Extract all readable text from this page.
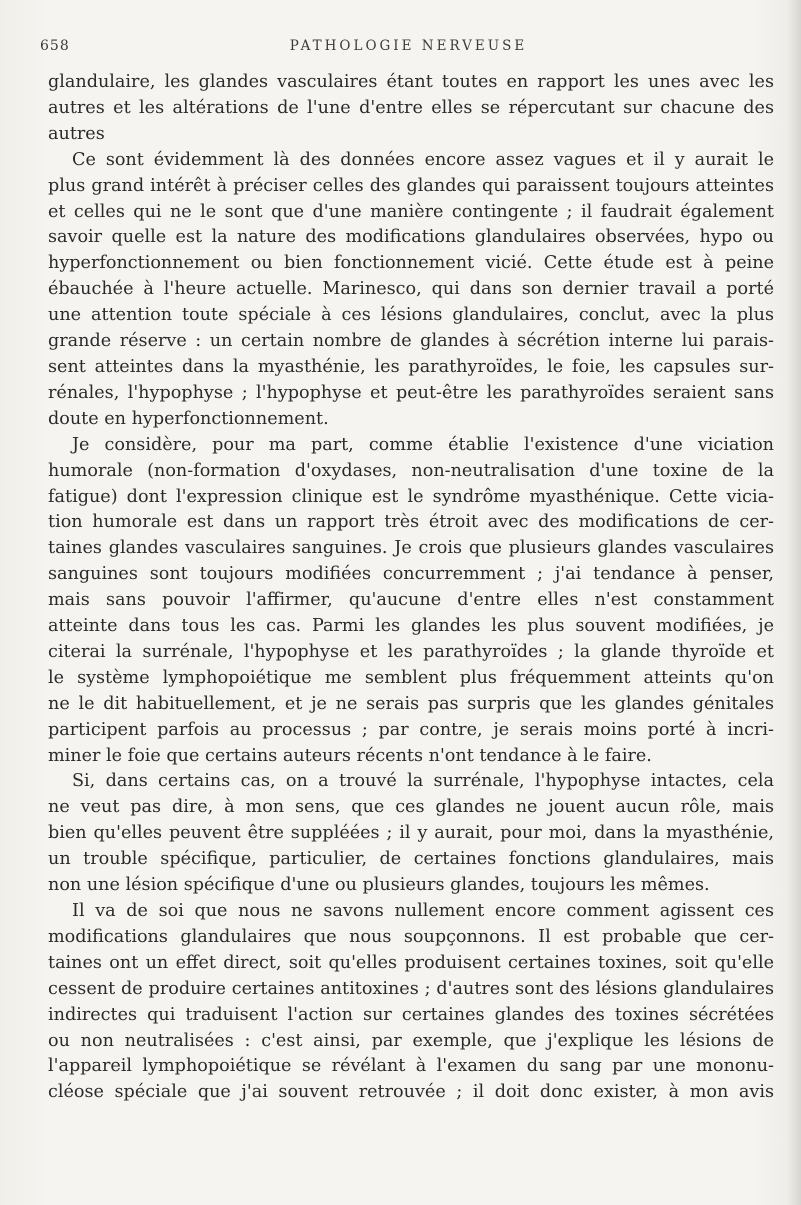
658	PATHOLOGIE NERVEUSE

glandulaire, les glandes vasculaires étant toutes en rapport les unes avec les
autres et les altérations de l'une d'entre elles se répercutant sur chacune des
autres

Ce sont évidemment là des données encore assez vagues et il y aurait le
plus grand intérêt à préciser celles des glandes qui paraissent toujours atteintes
et celles qui ne le sont que d'une manière contingente ; il faudrait également
savoir quelle est la nature des modifications glandulaires observées, hypo ou
hyperfonctionnement ou bien fonctionnement vicié. Cette étude est à peine
ébauchée à l'heure actuelle. Marinesco, qui dans son dernier travail a porté
une attention toute spéciale à ces lésions glandulaires, conclut, avec la plus
grande réserve : un certain nombre de glandes à sécrétion interne lui parais-
sent atteintes dans la myasthénie, les parathyroïdes, le foie, les capsules sur-
rénales, l'hypophyse ; l'hypophyse et peut-être les parathyroïdes seraient sans
doute en hyperfonctionnement.

Je considère, pour ma part, comme établie l'existence d'une viciation
humorale (non-formation d'oxydases, non-neutralisation d'une toxine de la
fatigue) dont l'expression clinique est le syndrôme myasthénique. Cette vicia-
tion humorale est dans un rapport très étroit avec des modifications de cer-
taines glandes vasculaires sanguines. Je crois que plusieurs glandes vasculaires
sanguines sont toujours modifiées concurremment ; j'ai tendance à penser,
mais sans pouvoir l'affirmer, qu'aucune d'entre elles n'est constamment
atteinte dans tous les cas. Parmi les glandes les plus souvent modifiées, je
citerai la surrénale, l'hypophyse et les parathyroïdes ; la glande thyroïde et
le système lymphopoiétique me semblent plus fréquemment atteints qu'on
ne le dit habituellement, et je ne serais pas surpris que les glandes génitales
participent parfois au processus ; par contre, je serais moins porté à incri-
miner le foie que certains auteurs récents n'ont tendance à le faire.

Si, dans certains cas, on a trouvé la surrénale, l'hypophyse intactes, cela
ne veut pas dire, à mon sens, que ces glandes ne jouent aucun rôle, mais
bien qu'elles peuvent être suppléées ; il y aurait, pour moi, dans la myasthénie,
un trouble spécifique, particulier, de certaines fonctions glandulaires, mais
non une lésion spécifique d'une ou plusieurs glandes, toujours les mêmes.

Il va de soi que nous ne savons nullement encore comment agissent ces
modifications glandulaires que nous soupçonnons. Il est probable que cer-
taines ont un effet direct, soit qu'elles produisent certaines toxines, soit qu'elle
cessent de produire certaines antitoxines ; d'autres sont des lésions glandulaires
indirectes qui traduisent l'action sur certaines glandes des toxines sécrétées
ou non neutralisées : c'est ainsi, par exemple, que j'explique les lésions de
l'appareil lymphopoiétique se révélant à l'examen du sang par une mononu-
cléose spéciale que j'ai souvent retrouvée ; il doit donc exister, à mon avis
